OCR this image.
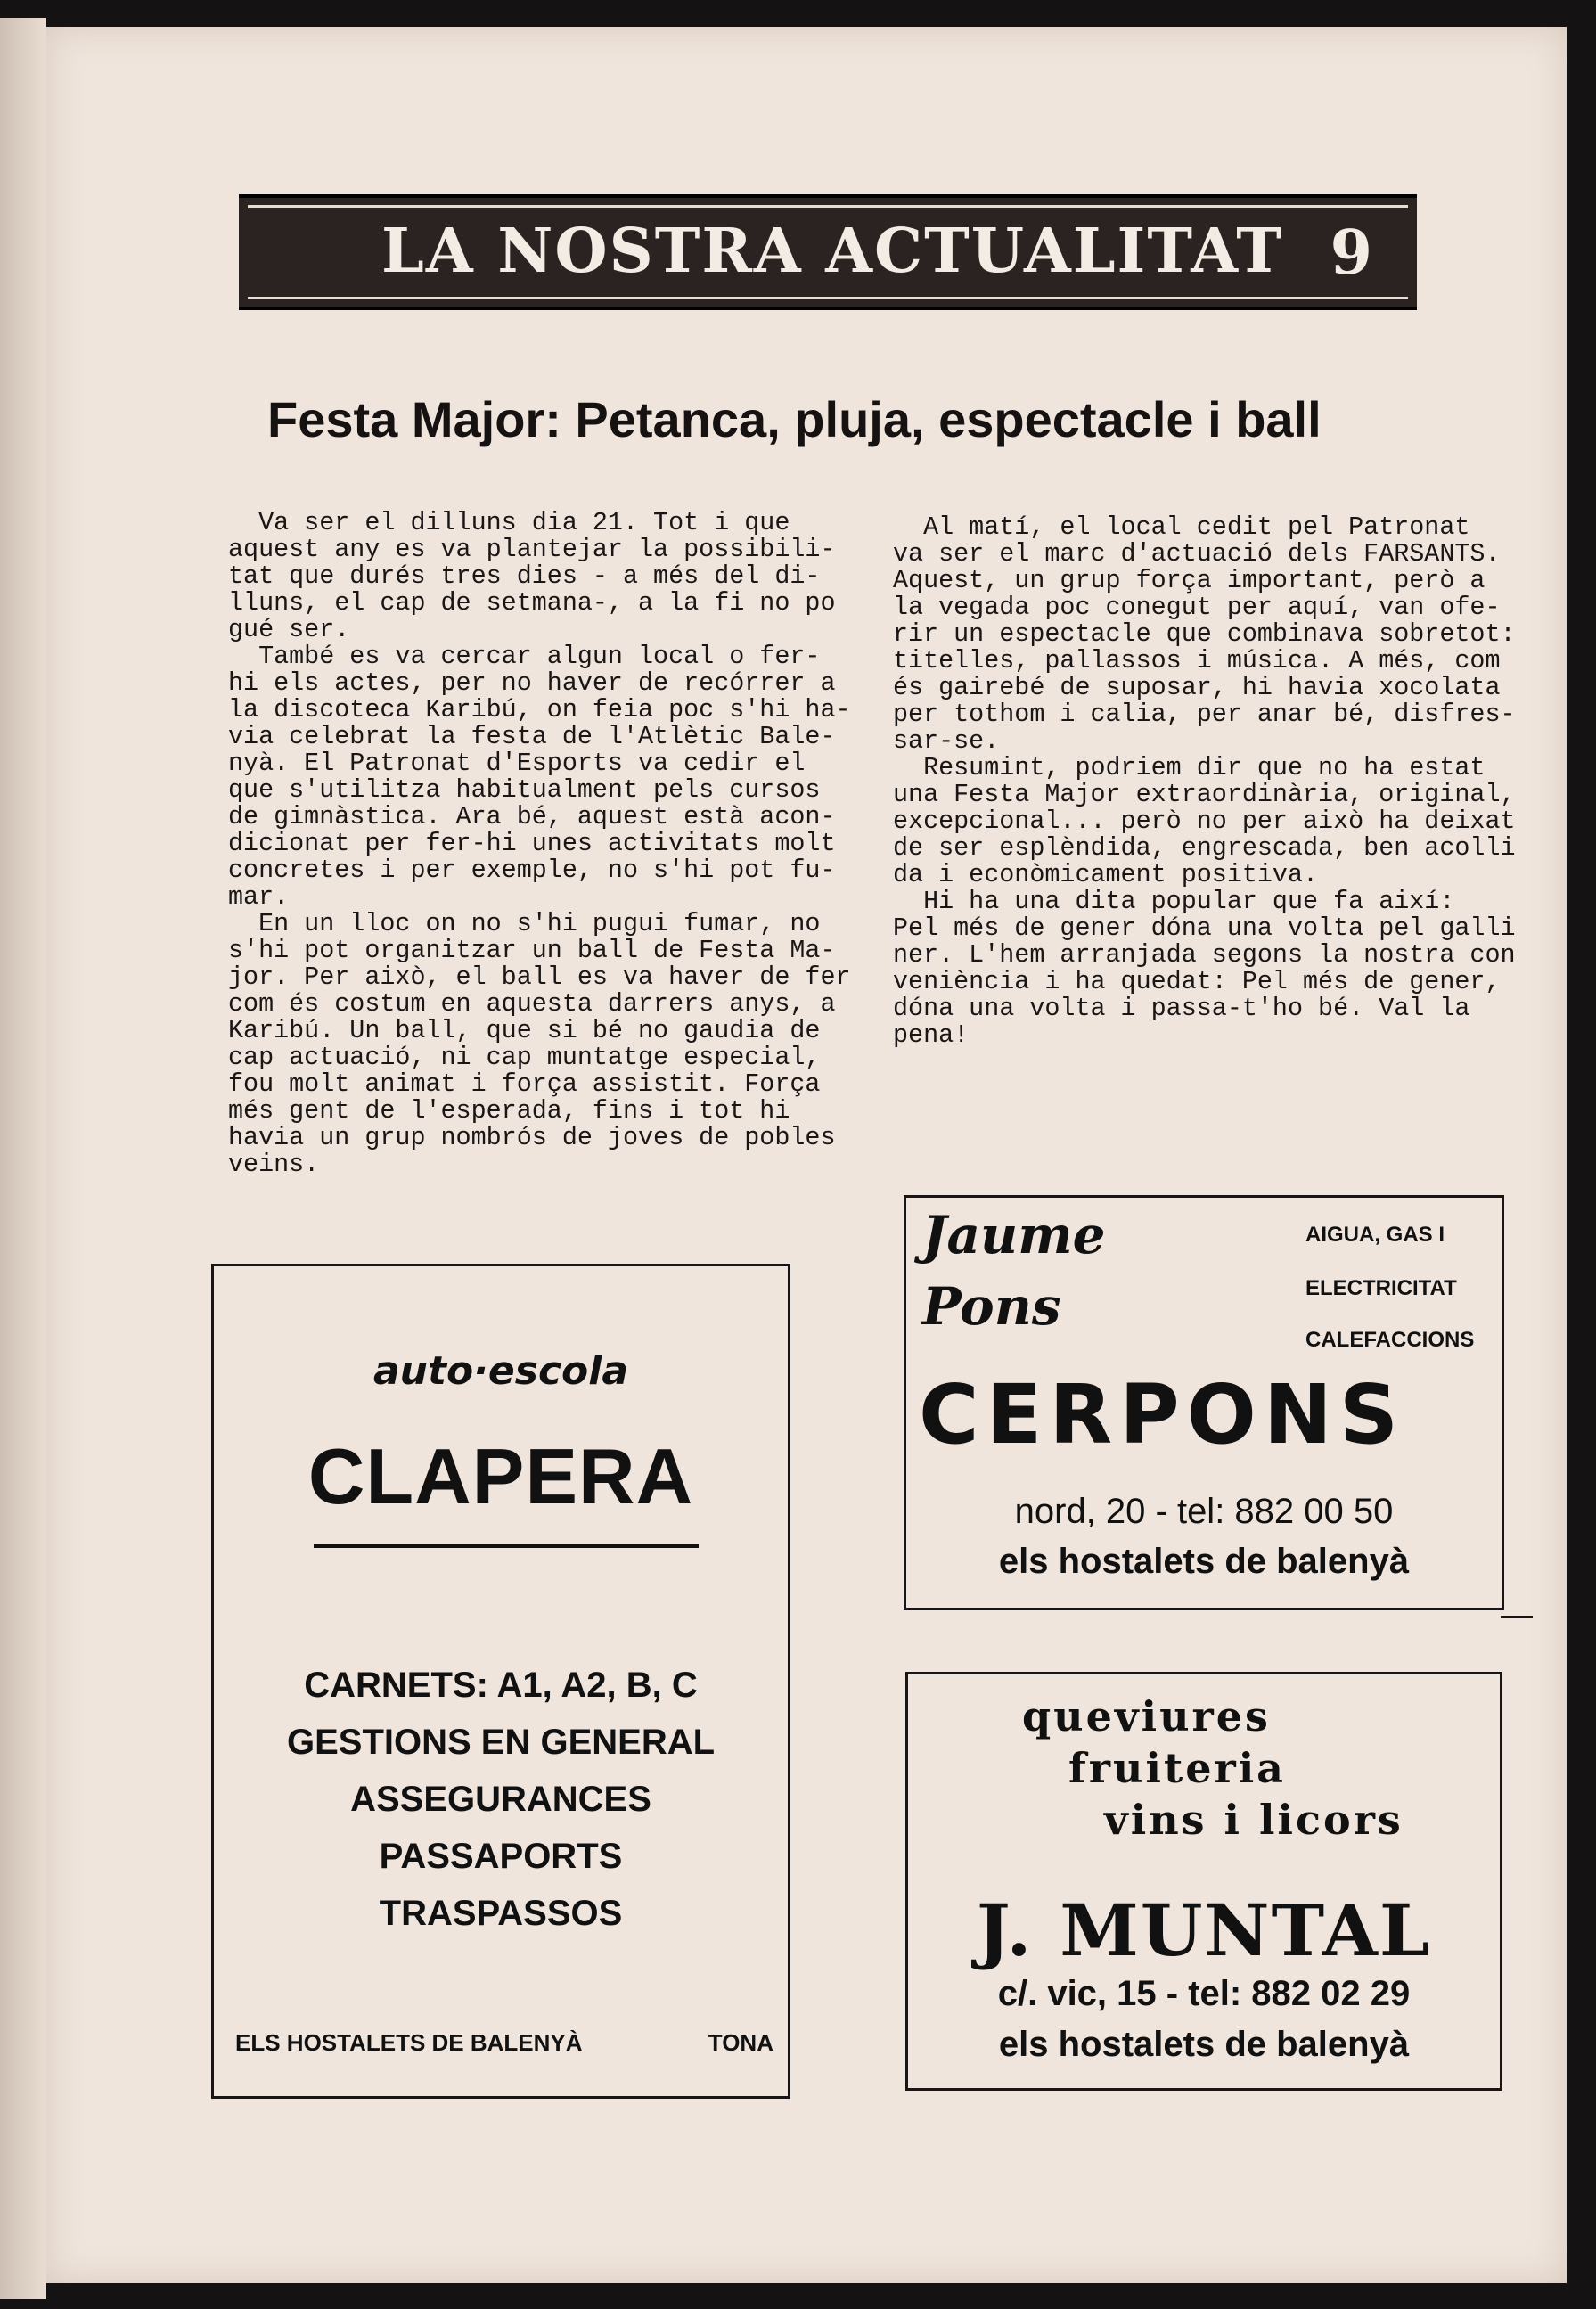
LA NOSTRA ACTUALITAT 9
Festa Major: Petanca, pluja, espectacle i ball
Va ser el dilluns dia 21. Tot i que
aquest any es va plantejar la possibili-
tat que durés tres dies - a més del di-
lluns, el cap de setmana-, a la fi no po
gué ser.
També es va cercar algun local o fer-
hi els actes, per no haver de recórrer a
la discoteca Karibú, on feia poc s'hi ha-
via celebrat la festa de l'Atlètic Bale-
nyà. El Patronat d'Esports va cedir el
que s'utilitza habitualment pels cursos
de gimnàstica. Ara bé, aquest està acon-
dicionat per fer-hi unes activitats molt
concretes i per exemple, no s'hi pot fu-
mar.
En un lloc on no s'hi pugui fumar, no
s'hi pot organitzar un ball de Festa Ma-
jor. Per això, el ball es va haver de fer
com és costum en aquesta darrers anys, a
Karibú. Un ball, que si bé no gaudia de
cap actuació, ni cap muntatge especial,
fou molt animat i força assistit. Força
més gent de l'esperada, fins i tot hi
havia un grup nombrós de joves de pobles
veins.
Al matí, el local cedit pel Patronat
va ser el marc d'actuació dels FARSANTS.
Aquest, un grup força important, però a
la vegada poc conegut per aquí, van ofe-
rir un espectacle que combinava sobretot:
titelles, pallassos i música. A més, com
és gairebé de suposar, hi havia xocolata
per tothom i calia, per anar bé, disfres-
sar-se.
Resumint, podriem dir que no ha estat
una Festa Major extraordinària, original,
excepcional... però no per això ha deixat
de ser esplèndida, engrescada, ben acolli
da i econòmicament positiva.
Hi ha una dita popular que fa així:
Pel més de gener dóna una volta pel galli
ner. L'hem arranjada segons la nostra con
veniència i ha quedat: Pel més de gener,
dóna una volta i passa-t'ho bé. Val la
pena!
auto·escola
CLAPERA
CARNETS: A1, A2, B, C
GESTIONS EN GENERAL
ASSEGURANCES
PASSAPORTS
TRASPASSOS
ELS HOSTALETS DE BALENYÀ	TONA
Jaume
Pons
AIGUA, GAS I
ELECTRICITAT
CALEFACCIONS
CERPONS
nord, 20 - tel: 882 00 50
els hostalets de balenyà
queviures
fruiteria
vins i licors
J. MUNTAL
c/. vic, 15 - tel: 882 02 29
els hostalets de balenyà
